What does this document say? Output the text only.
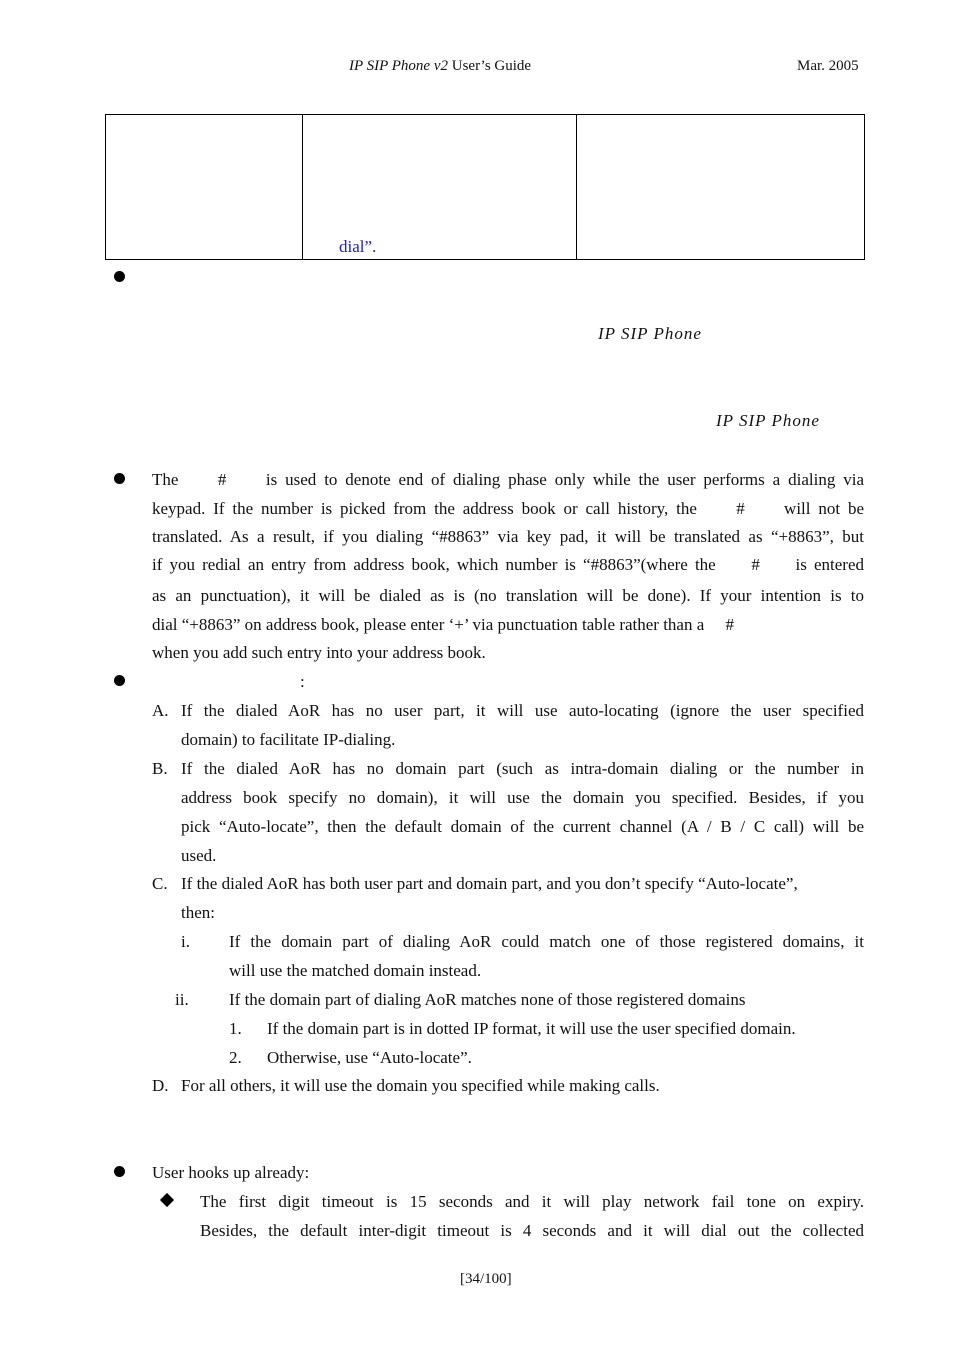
IP SIP Phone v2 User’s Guide	Mar. 2005

dial”.

IP SIP Phone
IP SIP Phone
The     #     is used to denote end of dialing phase only while the user performs a dialing via
keypad. If the number is picked from the address book or call history, the     #     will not be
translated. As a result, if you dialing “#8863” via key pad, it will be translated as “+8863”, but
if you redial an entry from address book, which number is “#8863”(where the     #     is entered
as an punctuation), it will be dialed as is (no translation will be done). If your intention is to
dial “+8863” on address book, please enter ‘+’ via punctuation table rather than a     #
when you add such entry into your address book.
:
A. If the dialed AoR has no user part, it will use auto-locating (ignore the user specified
domain) to facilitate IP-dialing.
B. If the dialed AoR has no domain part (such as intra-domain dialing or the number in
address book specify no domain), it will use the domain you specified. Besides, if you
pick “Auto-locate”, then the default domain of the current channel (A / B / C call) will be
used.
C. If the dialed AoR has both user part and domain part, and you don’t specify “Auto-locate”,
then:
i. If the domain part of dialing AoR could match one of those registered domains, it
will use the matched domain instead.
ii. If the domain part of dialing AoR matches none of those registered domains
1. If the domain part is in dotted IP format, it will use the user specified domain.
2. Otherwise, use “Auto-locate”.
D. For all others, it will use the domain you specified while making calls.
User hooks up already:
The first digit timeout is 15 seconds and it will play network fail tone on expiry.
Besides, the default inter-digit timeout is 4 seconds and it will dial out the collected
[34/100]
